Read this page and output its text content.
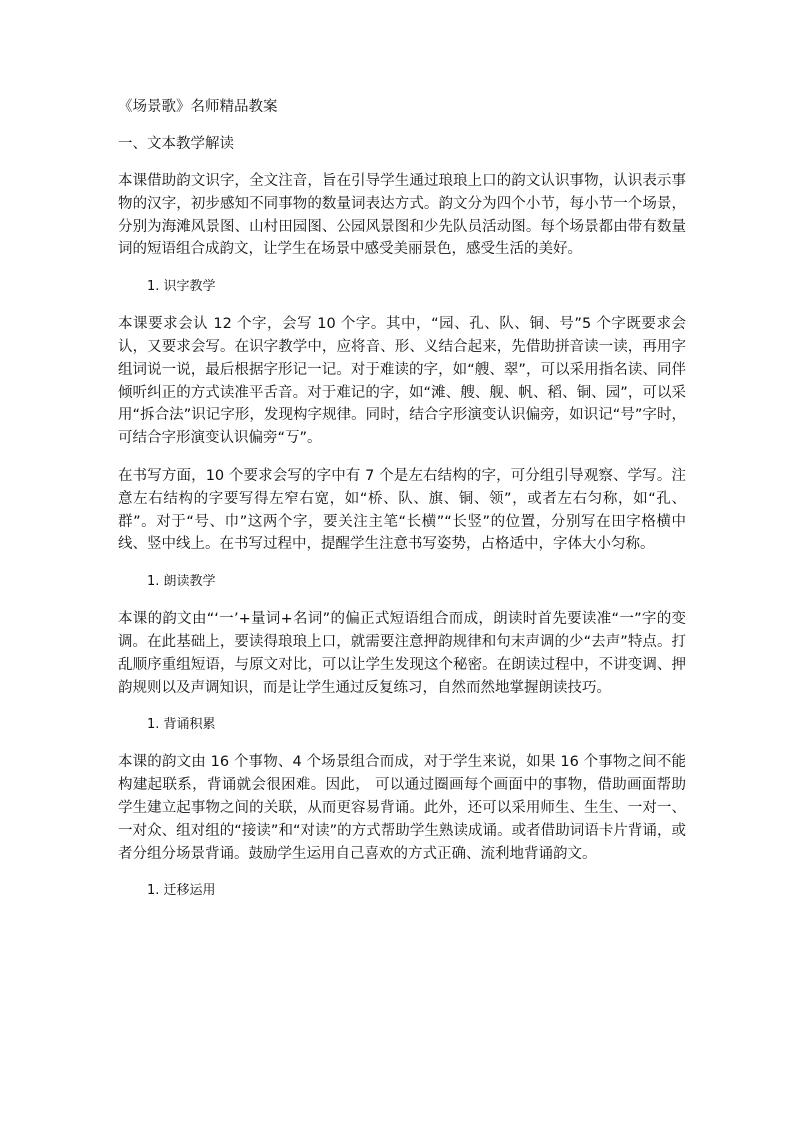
《场景歌》名师精品教案
一、文本教学解读

本课借助韵文识字，全文注音，旨在引导学生通过琅琅上口的韵文认识事物，认识表示事物的汉字，初步感知不同事物的数量词表达方式。韵文分为四个小节，每小节一个场景，分别为海滩风景图、山村田园图、公园风景图和少先队员活动图。每个场景都由带有数量词的短语组合成韵文，让学生在场景中感受美丽景色，感受生活的美好。

1. 识字教学

本课要求会认 12 个字，会写 10 个字。其中，“园、孔、队、铜、号”5 个字既要求会认，又要求会写。在识字教学中，应将音、形、义结合起来，先借助拼音读一读，再用字组词说一说，最后根据字形记一记。对于难读的字，如“艘、翠”，可以采用指名读、同伴倾听纠正的方式读准平舌音。对于难记的字，如“滩、艘、舰、帆、稻、铜、园”，可以采用“拆合法”识记字形，发现构字规律。同时，结合字形演变认识偏旁，如识记“号”字时，可结合字形演变认识偏旁“丂”。

在书写方面，10 个要求会写的字中有 7 个是左右结构的字，可分组引导观察、学写。注意左右结构的字要写得左窄右宽，如“桥、队、旗、铜、领”，或者左右匀称，如“孔、群”。对于“号、巾”这两个字，要关注主笔“长横”“长竖”的位置，分别写在田字格横中线、竖中线上。在书写过程中，提醒学生注意书写姿势，占格适中，字体大小匀称。

1. 朗读教学

本课的韵文由“‘一’+量词+名词”的偏正式短语组合而成，朗读时首先要读准“一”字的变调。在此基础上，要读得琅琅上口，就需要注意押韵规律和句末声调的少“去声”特点。打乱顺序重组短语，与原文对比，可以让学生发现这个秘密。在朗读过程中，不讲变调、押韵规则以及声调知识，而是让学生通过反复练习，自然而然地掌握朗读技巧。

1. 背诵积累

本课的韵文由 16 个事物、4 个场景组合而成，对于学生来说，如果 16 个事物之间不能构建起联系，背诵就会很困难。因此， 可以通过圈画每个画面中的事物，借助画面帮助学生建立起事物之间的关联，从而更容易背诵。此外，还可以采用师生、生生、一对一、一对众、组对组的“接读”和“对读”的方式帮助学生熟读成诵。或者借助词语卡片背诵，或者分组分场景背诵。鼓励学生运用自己喜欢的方式正确、流利地背诵韵文。

1. 迁移运用
